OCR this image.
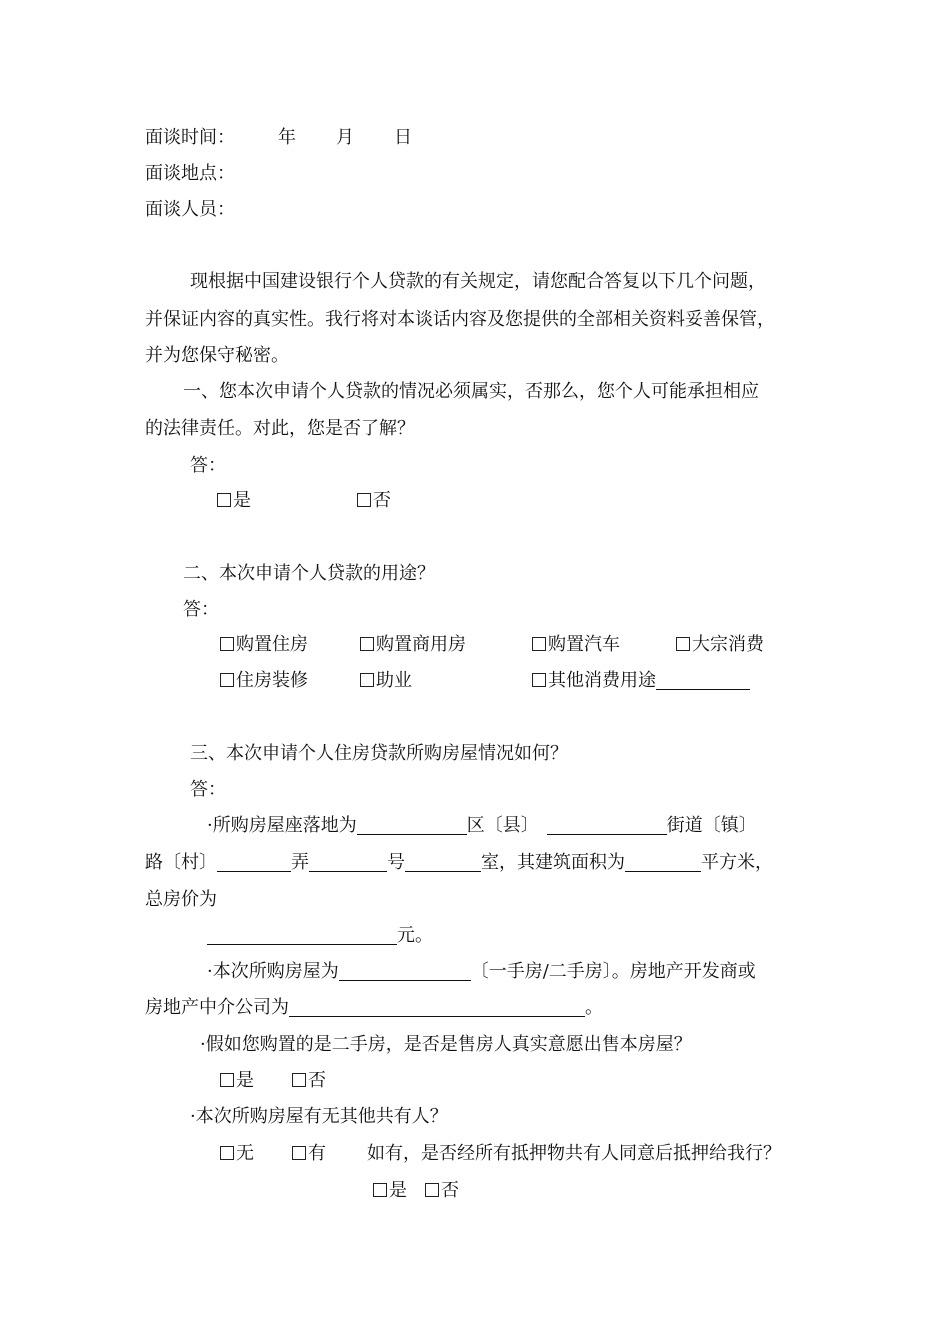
面谈时间： 年 月 日
面谈地点：
面谈人员：
现根据中国建设银行个人贷款的有关规定，请您配合答复以下几个问题，
并保证内容的真实性。我行将对本谈话内容及您提供的全部相关资料妥善保管，
并为您保守秘密。
一、您本次申请个人贷款的情况必须属实，否那么，您个人可能承担相应
的法律责任。对此，您是否了解？
答：
是	否
二、本次申请个人贷款的用途？
答：
购置住房	购置商用房	购置汽车	大宗消费
住房装修	助业	其他消费用途
三、本次申请个人住房贷款所购房屋情况如何？
答：
·所购房屋座落地为	区〔县〕	街道〔镇〕
路〔村〕	弄	号	室，其建筑面积为	平方米，
总房价为
元。
·本次所购房屋为	〔一手房/二手房〕。房地产开发商或
房地产中介公司为	。
·假如您购置的是二手房，是否是售房人真实意愿出售本房屋？
是	否
·本次所购房屋有无其他共有人？
无	有 如有，是否经所有抵押物共有人同意后抵押给我行？
是	否
